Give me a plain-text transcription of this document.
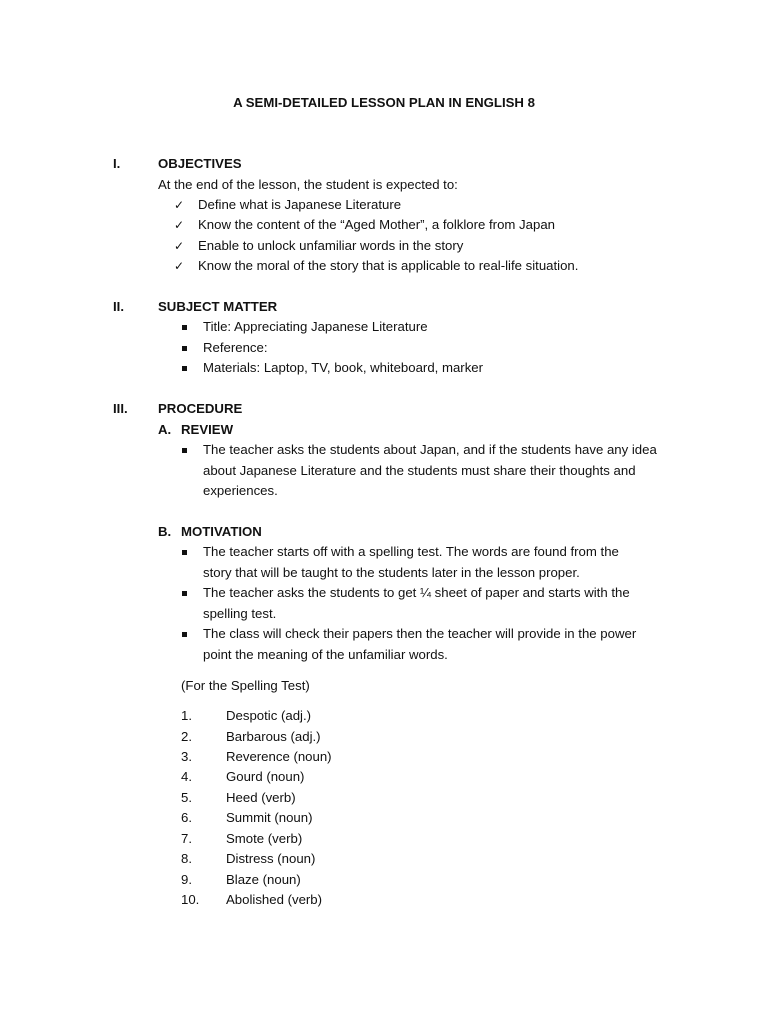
A SEMI-DETAILED LESSON PLAN IN ENGLISH 8
I.	OBJECTIVES
At the end of the lesson, the student is expected to:
✓ Define what is Japanese Literature
✓ Know the content of the “Aged Mother”, a folklore from Japan
✓ Enable to unlock unfamiliar words in the story
✓ Know the moral of the story that is applicable to real-life situation.
II.	SUBJECT MATTER
Title: Appreciating Japanese Literature
Reference:
Materials: Laptop, TV, book, whiteboard, marker
III. PROCEDURE
A. REVIEW
The teacher asks the students about Japan, and if the students have any idea
about Japanese Literature and the students must share their thoughts and
experiences.
B. MOTIVATION
The teacher starts off with a spelling test. The words are found from the
story that will be taught to the students later in the lesson proper.
The teacher asks the students to get ¼ sheet of paper and starts with the
spelling test.
The class will check their papers then the teacher will provide in the power
point the meaning of the unfamiliar words.
(For the Spelling Test)
1.	Despotic (adj.)
2.	Barbarous (adj.)
3.	Reverence (noun)
4.	Gourd (noun)
5.	Heed (verb)
6.	Summit (noun)
7.	Smote (verb)
8.	Distress (noun)
9.	Blaze (noun)
10. Abolished (verb)
